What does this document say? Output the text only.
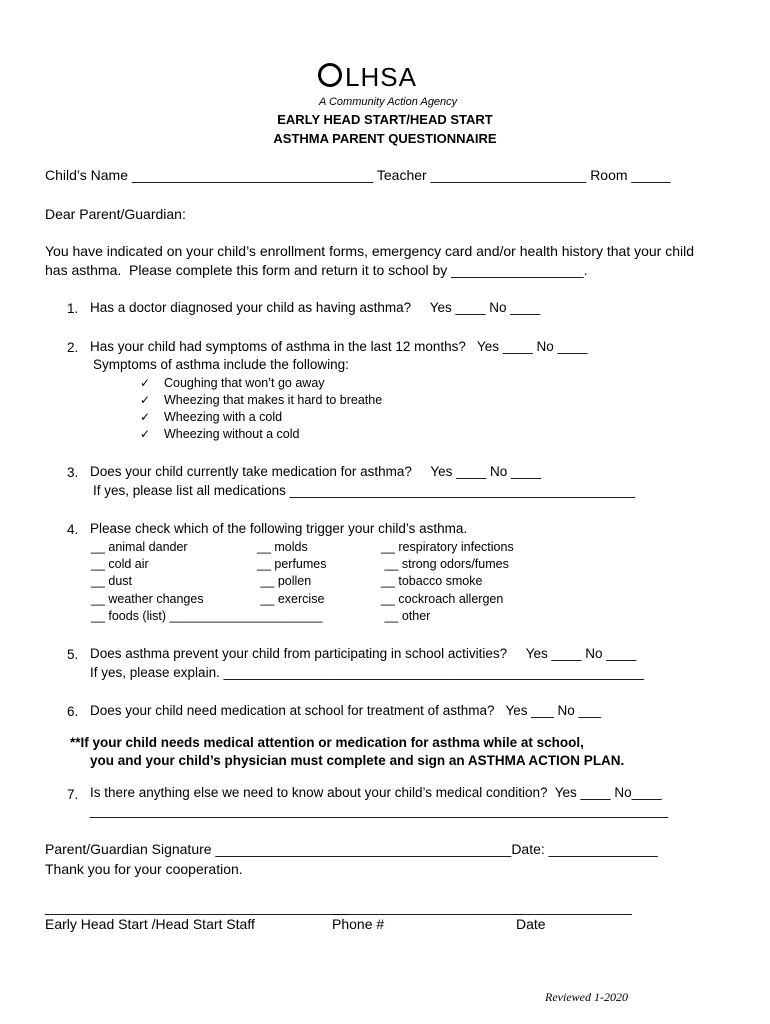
LHSA
A Community Action Agency
EARLY HEAD START/HEAD START
ASTHMA PARENT QUESTIONNAIRE
Child’s Name _______________________________ Teacher ____________________ Room _____
Dear Parent/Guardian:
You have indicated on your child’s enrollment forms, emergency card and/or health history that your child
has asthma.  Please complete this form and return it to school by _________________.
1. Has a doctor diagnosed your child as having asthma?     Yes ____ No ____
2. Has your child had symptoms of asthma in the last 12 months?   Yes ____ No ____
Symptoms of asthma include the following:
✓ Coughing that won’t go away
✓ Wheezing that makes it hard to breathe
✓ Wheezing with a cold
✓ Wheezing without a cold
3. Does your child currently take medication for asthma?     Yes ____ No ____
If yes, please list all medications ______________________________________________
4. Please check which of the following trigger your child’s asthma.
__ animal dander
__ cold air
__ dust
__ weather changes
__ foods (list) ______________________
__ molds
__ perfumes
__ pollen
__ exercise
__ respiratory infections
__ strong odors/fumes
__ tobacco smoke
__ cockroach allergen
__ other
5. Does asthma prevent your child from participating in school activities?     Yes ____ No ____
If yes, please explain. ________________________________________________________
6. Does your child need medication at school for treatment of asthma?   Yes ___ No ___
**If your child needs medical attention or medication for asthma while at school,
you and your child’s physician must complete and sign an ASTHMA ACTION PLAN.
7. Is there anything else we need to know about your child’s medical condition?  Yes ____ No____
_____________________________________________________________________________
Parent/Guardian Signature ______________________________________Date: ______________
Thank you for your cooperation.
_______________________________________
________________________
_______________
Early Head Start /Head Start Staff	Phone #	Date
Reviewed 1-2020
